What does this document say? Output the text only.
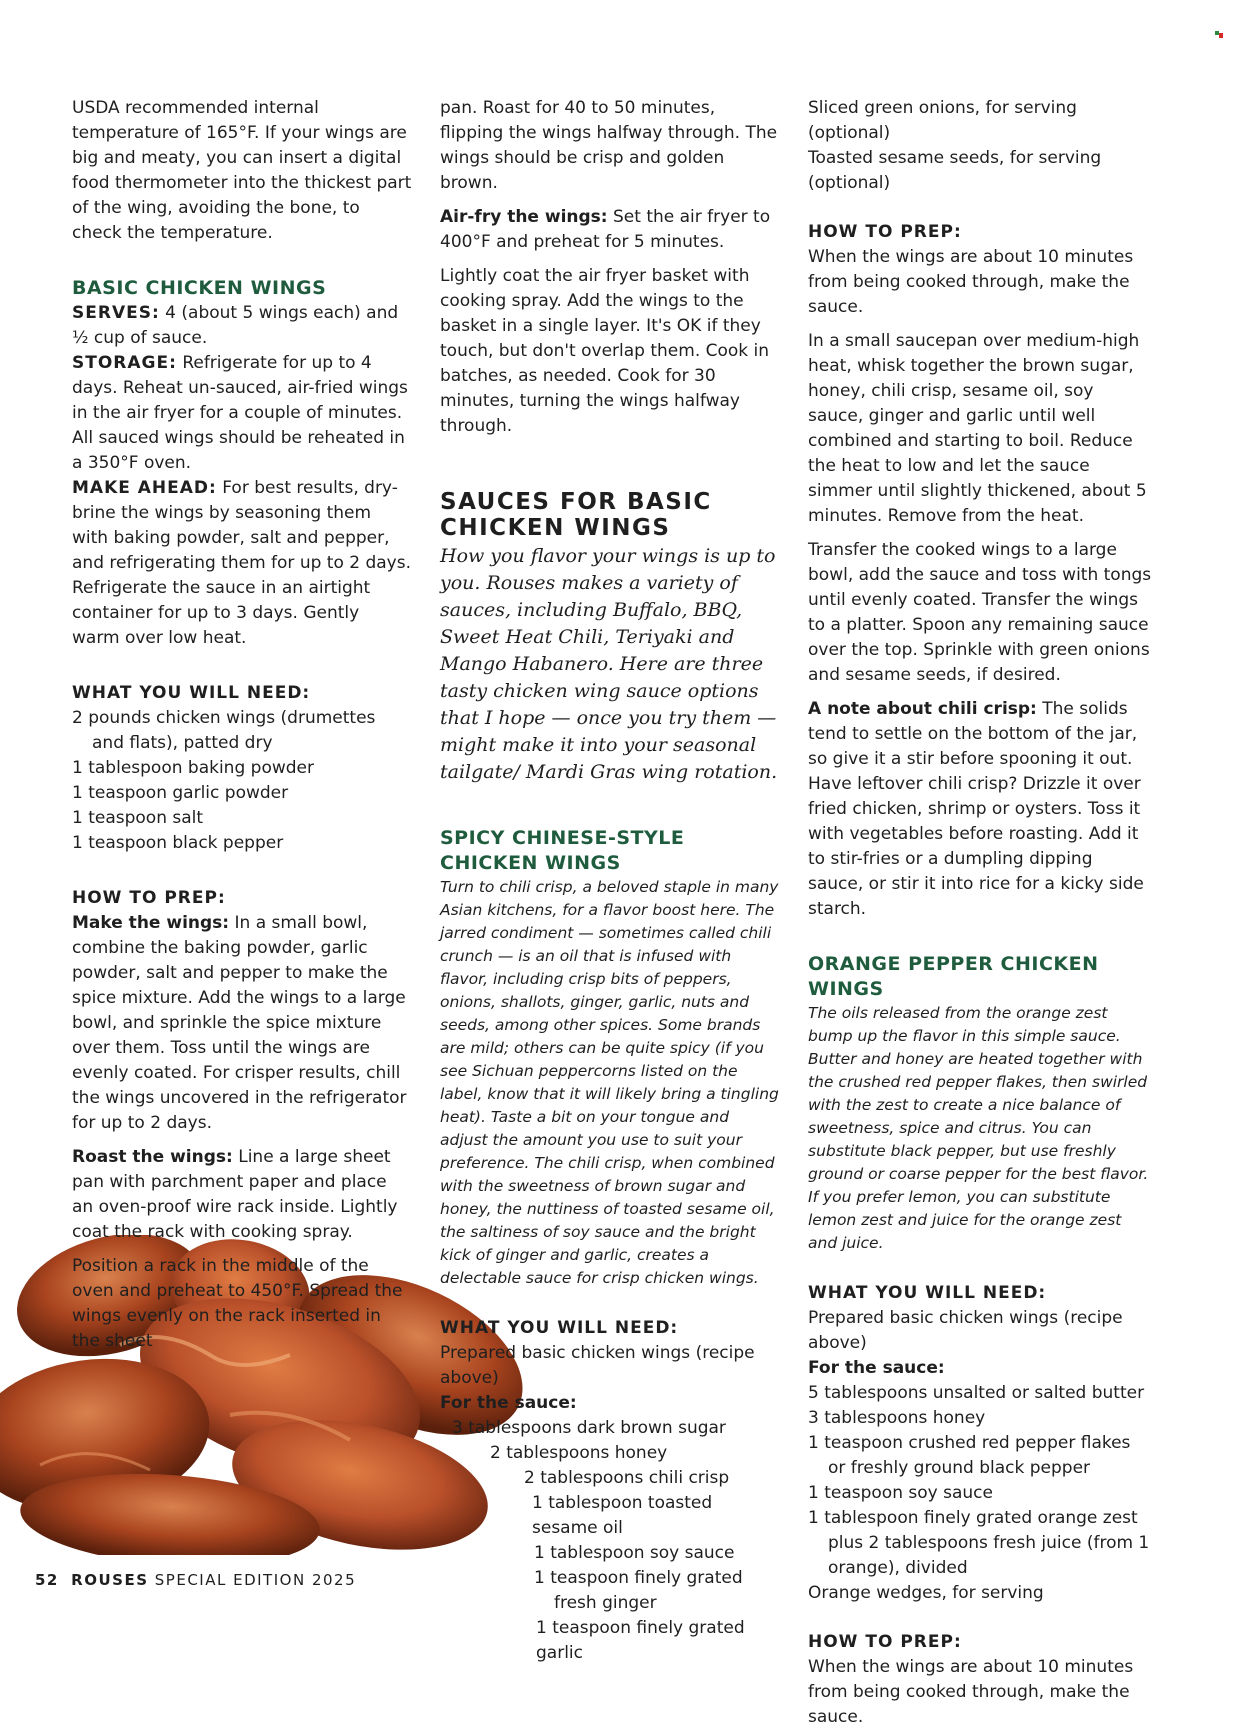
USDA recommended internal temperature of 165°F. If your wings are big and meaty, you can insert a digital food thermometer into the thickest part of the wing, avoiding the bone, to check the temperature.

BASIC CHICKEN WINGS

SERVES: 4 (about 5 wings each) and ½ cup of sauce.

STORAGE: Refrigerate for up to 4 days. Reheat un-sauced, air-fried wings in the air fryer for a couple of minutes. All sauced wings should be reheated in a 350°F oven.

MAKE AHEAD: For best results, dry-brine the wings by seasoning them with baking powder, salt and pepper, and refrigerating them for up to 2 days. Refrigerate the sauce in an airtight container for up to 3 days. Gently warm over low heat.

WHAT YOU WILL NEED:

2 pounds chicken wings (drumettes and flats), patted dry

1 tablespoon baking powder

1 teaspoon garlic powder

1 teaspoon salt

1 teaspoon black pepper

HOW TO PREP:

Make the wings: In a small bowl, combine the baking powder, garlic powder, salt and pepper to make the spice mixture. Add the wings to a large bowl, and sprinkle the spice mixture over them. Toss until the wings are evenly coated. For crisper results, chill the wings uncovered in the refrigerator for up to 2 days.

Roast the wings: Line a large sheet pan with parchment paper and place an oven-proof wire rack inside. Lightly coat the rack with cooking spray.

Position a rack in the middle of the oven and preheat to 450°F. Spread the wings evenly on the rack inserted in the sheet

pan. Roast for 40 to 50 minutes, flipping the wings halfway through. The wings should be crisp and golden brown.

Air-fry the wings: Set the air fryer to 400°F and preheat for 5 minutes.

Lightly coat the air fryer basket with cooking spray. Add the wings to the basket in a single layer. It's OK if they touch, but don't overlap them. Cook in batches, as needed. Cook for 30 minutes, turning the wings halfway through.

SAUCES FOR BASIC CHICKEN WINGS

How you flavor your wings is up to you. Rouses makes a variety of sauces, including Buffalo, BBQ, Sweet Heat Chili, Teriyaki and Mango Habanero. Here are three tasty chicken wing sauce options that I hope — once you try them — might make it into your seasonal tailgate/ Mardi Gras wing rotation.

SPICY CHINESE-STYLE CHICKEN WINGS

Turn to chili crisp, a beloved staple in many Asian kitchens, for a flavor boost here. The jarred condiment — sometimes called chili crunch — is an oil that is infused with flavor, including crisp bits of peppers, onions, shallots, ginger, garlic, nuts and seeds, among other spices. Some brands are mild; others can be quite spicy (if you see Sichuan peppercorns listed on the label, know that it will likely bring a tingling heat). Taste a bit on your tongue and adjust the amount you use to suit your preference. The chili crisp, when combined with the sweetness of brown sugar and honey, the nuttiness of toasted sesame oil, the saltiness of soy sauce and the bright kick of ginger and garlic, creates a delectable sauce for crisp chicken wings.

WHAT YOU WILL NEED:

Prepared basic chicken wings (recipe above)

For the sauce:

3 tablespoons dark brown sugar

2 tablespoons honey

2 tablespoons chili crisp

1 tablespoon toasted sesame oil

1 tablespoon soy sauce

1 teaspoon finely grated fresh ginger

1 teaspoon finely grated garlic

Sliced green onions, for serving (optional)

Toasted sesame seeds, for serving (optional)

HOW TO PREP:

When the wings are about 10 minutes from being cooked through, make the sauce.

In a small saucepan over medium-high heat, whisk together the brown sugar, honey, chili crisp, sesame oil, soy sauce, ginger and garlic until well combined and starting to boil. Reduce the heat to low and let the sauce simmer until slightly thickened, about 5 minutes. Remove from the heat.

Transfer the cooked wings to a large bowl, add the sauce and toss with tongs until evenly coated. Transfer the wings to a platter. Spoon any remaining sauce over the top. Sprinkle with green onions and sesame seeds, if desired.

A note about chili crisp: The solids tend to settle on the bottom of the jar, so give it a stir before spooning it out. Have leftover chili crisp? Drizzle it over fried chicken, shrimp or oysters. Toss it with vegetables before roasting. Add it to stir-fries or a dumpling dipping sauce, or stir it into rice for a kicky side starch.

ORANGE PEPPER CHICKEN WINGS

The oils released from the orange zest bump up the flavor in this simple sauce. Butter and honey are heated together with the crushed red pepper flakes, then swirled with the zest to create a nice balance of sweetness, spice and citrus. You can substitute black pepper, but use freshly ground or coarse pepper for the best flavor. If you prefer lemon, you can substitute lemon zest and juice for the orange zest and juice.

WHAT YOU WILL NEED:

Prepared basic chicken wings (recipe above)

For the sauce:

5 tablespoons unsalted or salted butter

3 tablespoons honey

1 teaspoon crushed red pepper flakes or freshly ground black pepper

1 teaspoon soy sauce

1 tablespoon finely grated orange zest plus 2 tablespoons fresh juice (from 1 orange), divided

Orange wedges, for serving

HOW TO PREP:

When the wings are about 10 minutes from being cooked through, make the sauce.

52 ROUSES SPECIAL EDITION 2025
